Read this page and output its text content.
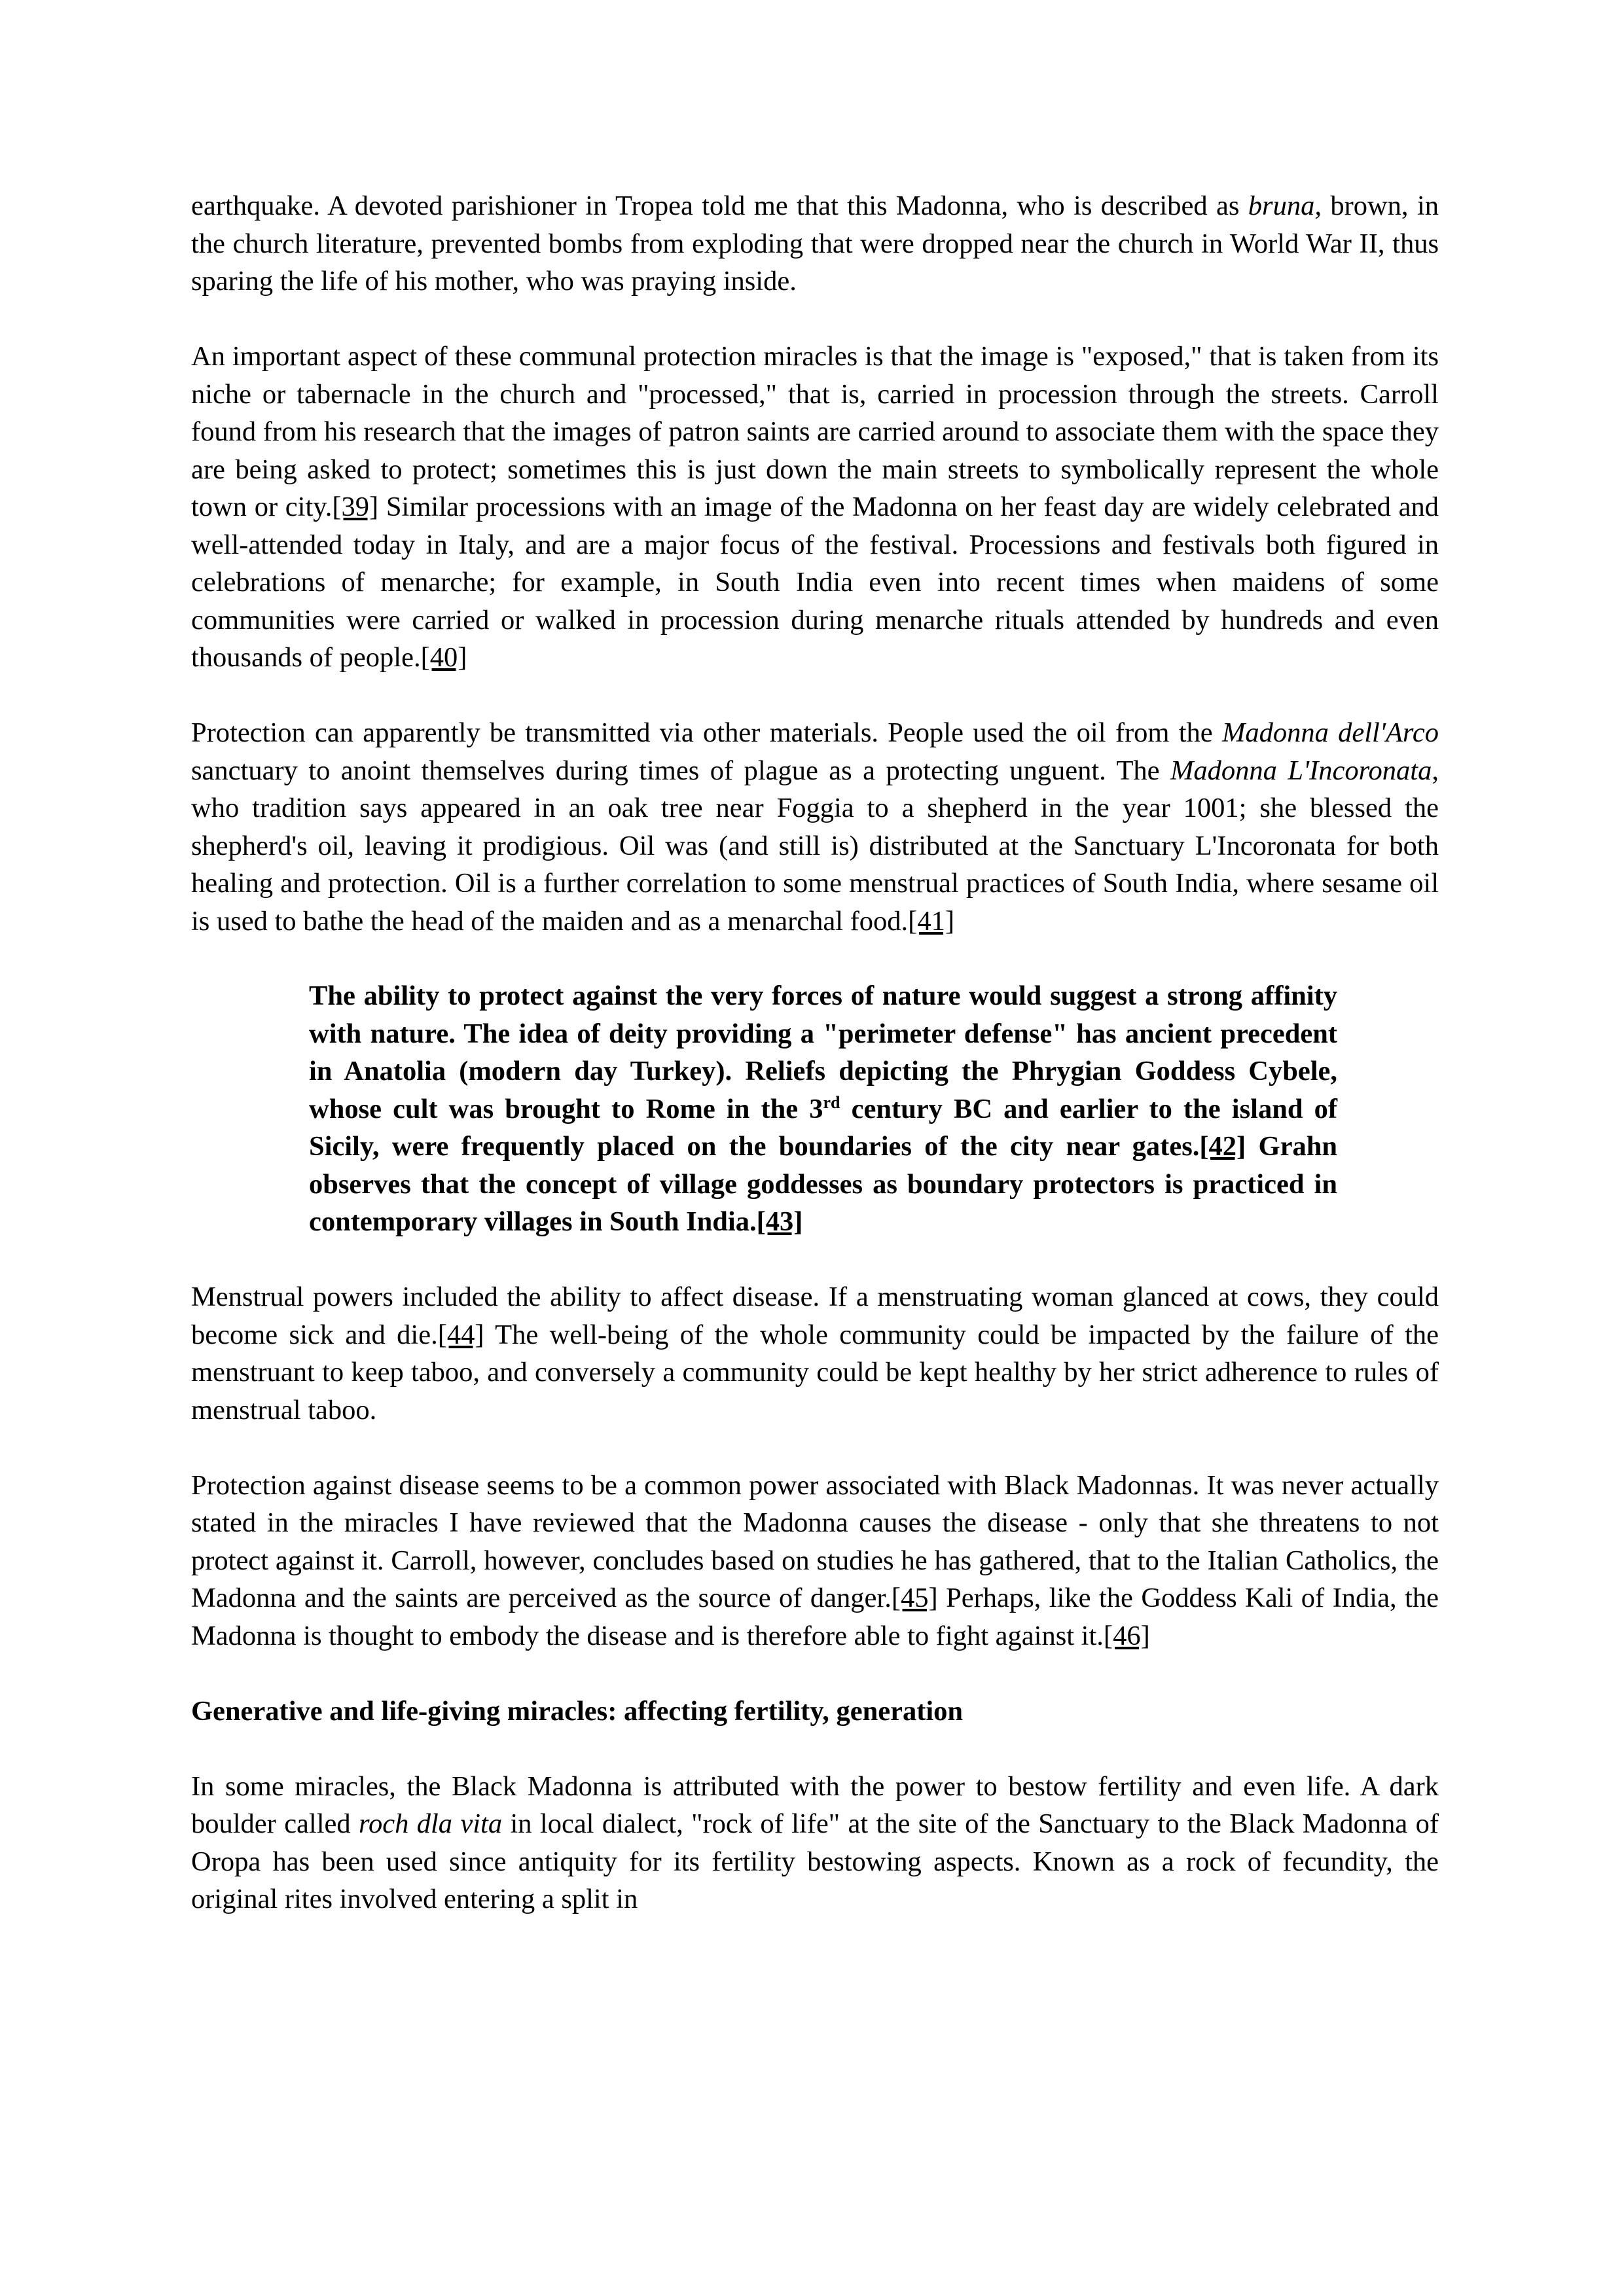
earthquake. A devoted parishioner in Tropea told me that this Madonna, who is described as bruna, brown, in the church literature, prevented bombs from exploding that were dropped near the church in World War II, thus sparing the life of his mother, who was praying inside.

An important aspect of these communal protection miracles is that the image is "exposed," that is taken from its niche or tabernacle in the church and "processed," that is, carried in procession through the streets. Carroll found from his research that the images of patron saints are carried around to associate them with the space they are being asked to protect; sometimes this is just down the main streets to symbolically represent the whole town or city.[39] Similar processions with an image of the Madonna on her feast day are widely celebrated and well-attended today in Italy, and are a major focus of the festival. Processions and festivals both figured in celebrations of menarche; for example, in South India even into recent times when maidens of some communities were carried or walked in procession during menarche rituals attended by hundreds and even thousands of people.[40]

Protection can apparently be transmitted via other materials. People used the oil from the Madonna dell'Arco sanctuary to anoint themselves during times of plague as a protecting unguent. The Madonna L'Incoronata, who tradition says appeared in an oak tree near Foggia to a shepherd in the year 1001; she blessed the shepherd's oil, leaving it prodigious. Oil was (and still is) distributed at the Sanctuary L'Incoronata for both healing and protection. Oil is a further correlation to some menstrual practices of South India, where sesame oil is used to bathe the head of the maiden and as a menarchal food.[41]

The ability to protect against the very forces of nature would suggest a strong affinity with nature. The idea of deity providing a "perimeter defense" has ancient precedent in Anatolia (modern day Turkey). Reliefs depicting the Phrygian Goddess Cybele, whose cult was brought to Rome in the 3rd century BC and earlier to the island of Sicily, were frequently placed on the boundaries of the city near gates.[42] Grahn observes that the concept of village goddesses as boundary protectors is practiced in contemporary villages in South India.[43]

Menstrual powers included the ability to affect disease. If a menstruating woman glanced at cows, they could become sick and die.[44] The well-being of the whole community could be impacted by the failure of the menstruant to keep taboo, and conversely a community could be kept healthy by her strict adherence to rules of menstrual taboo.

Protection against disease seems to be a common power associated with Black Madonnas. It was never actually stated in the miracles I have reviewed that the Madonna causes the disease - only that she threatens to not protect against it. Carroll, however, concludes based on studies he has gathered, that to the Italian Catholics, the Madonna and the saints are perceived as the source of danger.[45] Perhaps, like the Goddess Kali of India, the Madonna is thought to embody the disease and is therefore able to fight against it.[46]

Generative and life-giving miracles: affecting fertility, generation

In some miracles, the Black Madonna is attributed with the power to bestow fertility and even life. A dark boulder called roch dla vita in local dialect, "rock of life" at the site of the Sanctuary to the Black Madonna of Oropa has been used since antiquity for its fertility bestowing aspects. Known as a rock of fecundity, the original rites involved entering a split in
